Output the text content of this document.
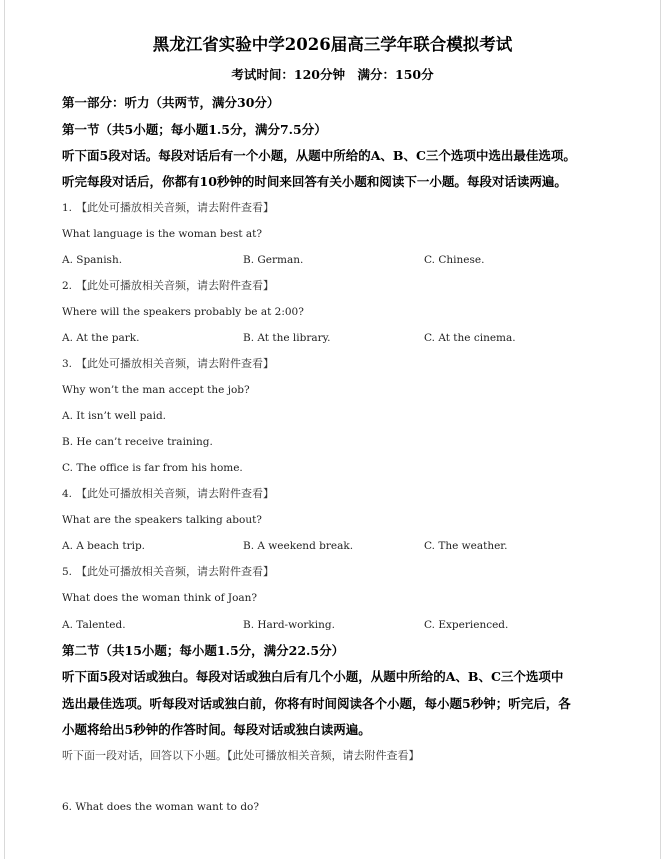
黑龙江省实验中学2026届高三学年联合模拟考试
考试时间：120分钟　满分：150分
第一部分：听力（共两节，满分30分）
第一节（共5小题；每小题1.5分，满分7.5分）
听下面5段对话。每段对话后有一个小题，从题中所给的A、B、C三个选项中选出最佳选项。
听完每段对话后，你都有10秒钟的时间来回答有关小题和阅读下一小题。每段对话读两遍。
1. 【此处可播放相关音频，请去附件查看】
What language is the woman best at?
A. Spanish.	B. German.	C. Chinese.
2. 【此处可播放相关音频，请去附件查看】
Where will the speakers probably be at 2:00?
A. At the park.	B. At the library.	C. At the cinema.
3. 【此处可播放相关音频，请去附件查看】
Why won’t the man accept the job?
A. It isn’t well paid.
B. He can’t receive training.
C. The office is far from his home.
4. 【此处可播放相关音频，请去附件查看】
What are the speakers talking about?
A. A beach trip.	B. A weekend break.	C. The weather.
5. 【此处可播放相关音频，请去附件查看】
What does the woman think of Joan?
A. Talented.	B. Hard-working.	C. Experienced.
第二节（共15小题；每小题1.5分，满分22.5分）
听下面5段对话或独白。每段对话或独白后有几个小题，从题中所给的A、B、C三个选项中
选出最佳选项。听每段对话或独白前，你将有时间阅读各个小题，每小题5秒钟；听完后，各
小题将给出5秒钟的作答时间。每段对话或独白读两遍。
听下面一段对话，回答以下小题。【此处可播放相关音频，请去附件查看】
6. What does the woman want to do?
